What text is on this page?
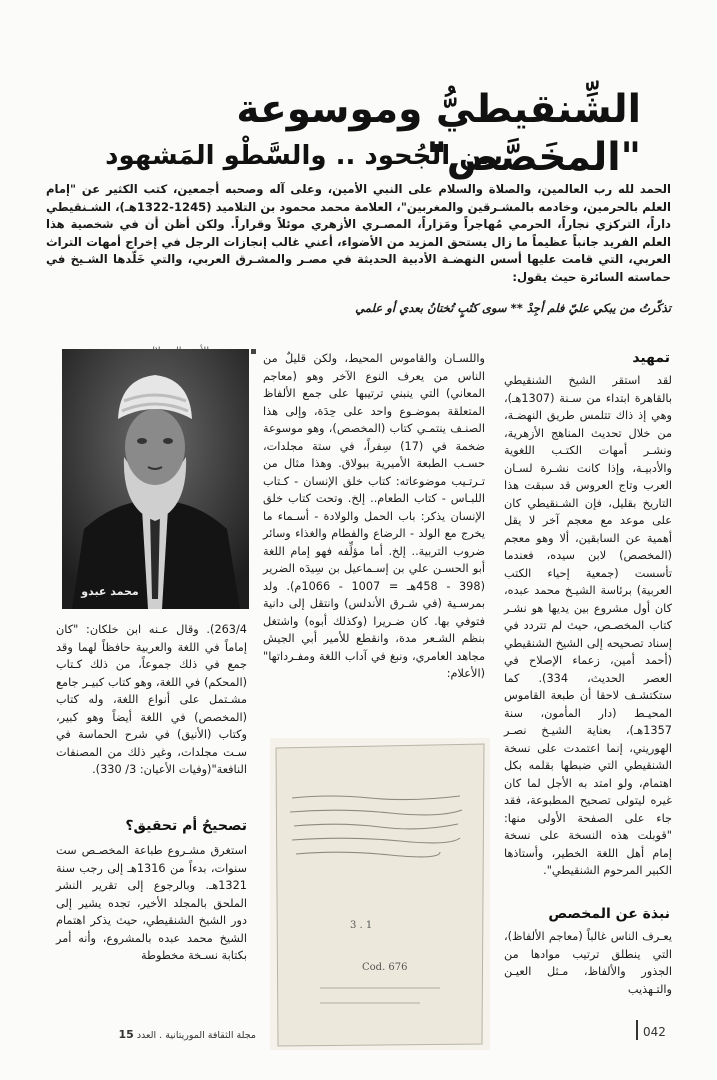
الشِّنقيطيُّ وموسوعة "المخَصَّص"
بين الجُحود .. والسَّطْو المَشهود

الحمد لله رب العالمين، والصلاة والسلام على النبي الأمين، وعلى آله وصحبه أجمعين، كتب الكثير عن "إمام العلم بالحرمين، وخادمه بالمشـرقين والمغربين"، العلامة محمد محمود بن التلاميد (1245-1322هـ)، الشـنقيطي داراً، التركزي نجاراً، الحرمي مُهاجراً ومَزاراً، المصـري الأزهري موئلاً وقراراً. ولكن أظن أن في شخصية هذا العلم الفريد جانباً عظيماً ما زال يستحق المزيد من الأضواء، أعني غالب إنجازات الرجل في إخراج أمهات التراث العربي، التي قامت عليها أسس النهضـة الأدبية الحديثة في مصـر والمشـرق العربي، والتي خَلّدها الشـيخ في حماسته السائرة حيث يقول:

تذكّرتُ من يبكي عليّ فلم أجِدْ ** سوى كتُبٍ تُختانُ بعدي أو علمي
محمد عبدو
تمهيد

لقد استقر الشيخ الشنقيطي بالقاهرة ابتداء من سـنة (1307هـ)، وهي إذ ذاك تتلمس طريق النهضـة، من خلال تحديث المناهج الأزهرية، ونشـر أمهات الكتـب اللغوية والأدبيـة، وإذا كانت نشـرة لسـان العرب وتاج العروس قد سبقت هذا التاريخ بقليل، فإن الشـنقيطي كان على موعد مع معجم آخر لا يقل أهمية عن السابقين، ألا وهو معجم (المخصص) لابن سيده، فعندما تأسست (جمعية إحياء الكتب العربية) برئاسة الشيـخ محمد عبده، كان أول مشروع بين يديها هو نشـر كتاب المخصـص، حيث لم تتردد في إسناد تصحيحه إلى الشيخ الشنقيطي (أحمد أمين، زعماء الإصلاح في العصر الحديث، 334). كما ستكتشـف لاحقا أن طبعة القاموس المحيـط (دار المأمون، سنة 1357هـ)، بعناية الشيـخ نصـر الهوريني، إنما اعتمدت على نسخة الشنقيطي التي ضبطها بقلمه بكل اهتمام، ولو امتد به الأجل لما كان غيره ليتولى تصحيح المطبوعة، فقد جاء على الصفحة الأولى منها: "قوبلت هذه النسخة على نسخة إمام أهل اللغة الخطير، وأستاذها الكبير المرحوم الشنقيطي".

نبذة عن المخصص

يعـرف الناس غالباً (معاجم الألفاظ)، التي ينطلق ترتيب موادها من الجذور والألفاظ، مـثل العيـن والتـهذيب

واللسـان والقاموس المحيط، ولكن قليلٌ من الناس من يعرف النوع الآخر وهو (معاجم المعاني) التي ينبني ترتيبها على جمع الألفاظ المتعلقة بموضـوع واحد على حِدَة، وإلى هذا الصنـف ينتمـي كتاب (المخصص)، وهو موسوعة ضخمة في (17) سِفراً، في ستة مجلدات، حسـب الطبعة الأميرية ببولاق. وهذا مثال من تـرتـيب موضوعاته: كتاب خلق الإنسان - كـتاب اللبـاس - كتاب الطعام.. إلخ. وتحت كتاب خلق الإنسان يذكر: باب الحمل والولادة - أسـماء ما يخرج مع الولد - الرضاع والفطام والغذاء وسائر ضروب التربية.. إلخ. أما مؤلِّفه فهو إمام اللغة أبو الحسـن علي بن إسـماعيل بن سِيدَه الضرير (398 - 458هـ = 1007 - 1066م). ولد بمرسـية (في شـرق الأندلس) وانتقل إلى دانية فتوفي بها. كان ضـريرا (وكذلك أبوه) واشتغل بنظم الشـعر مدة، وانقطع للأمير أبي الجيش مجاهد العامري، ونبغ في آداب اللغة ومفـرداتها"(الأعلام:

3 . 1
Cod. 676

263/4). وقال عـنه ابن خلكان: "كان إماماً في اللغة والعربية حافظاً لهما وقد جمع في ذلك جموعاً، من ذلك كـتاب (المحكم) في اللغة، وهو كتاب كبيـر جامع مشـتمل على أنواع اللغة، وله كتاب (المخصص) في اللغة أيضاً وهو كبير، وكتاب (الأنيق) في شرح الحماسة في سـت مجلدات، وغير ذلك من المصنفات النافعة"(وفيات الأعيان: 3/ 330).

تصحيحُ أم تحقيق؟

استغرق مشـروع طباعة المخصـص ست سنوات، بدءاً من 1316هـ إلى رجب سنة 1321هـ. وبالرجوع إلى تقرير النشر الملحق بالمجلد الأخير، تجده يشير إلى دور الشيخ الشنقيطي، حيث يذكر اهتمام الشيخ محمد عبده بالمشروع، وأنه أمر بكتابة نسـخة مخطوطة

مجلة الثقافة الموريتانية . العدد 15	042
